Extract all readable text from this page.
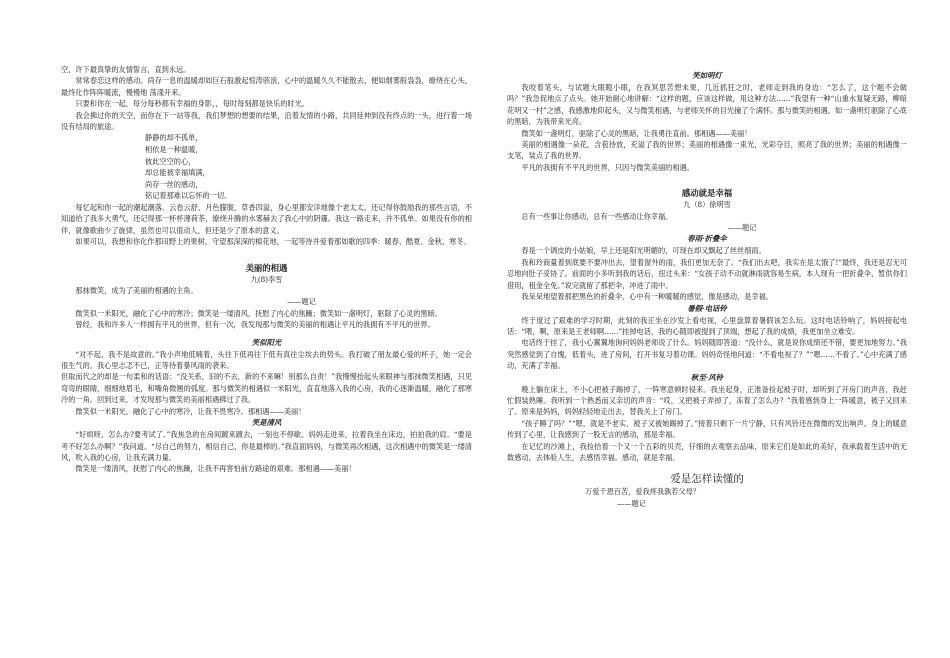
空，许下最真挚的友情誓言，直到永远。

常常春恋这样的感动。尚存一息的温暖却如巨石般激起惊涛骇浪，心中的温暖久久不能散去，便如烟雾般袅袅，缭绕在心头，最终化作阵阵暖流，慢慢地 荡漾开来。

只要和你在一起，每分每秒都有幸福的身影，，每时每刻都是快乐的时光。

我会拂过你的天空，而你在下一站等我，我们梦想的想要的结果，沿着友情的小路，共同延伸到没有终点的一头，进行着一场没有结局的旅途。

静静的却不孤单，
相依是一种温暖，
彼此空空的心，
却总能被幸福填满，
尚存一丝的感动，
铭记着那难以忘怀的一切。

每忆起和你一起的潮起潮落、云卷云舒、月色朦胧、草香四溢，身心里都安详地像个老太太。还记得你鼓励我的那些言语，不知道给了我多大勇气，还记得那一杯杯薄荷茶，缭绕升腾的水雾赫去了我心中的阴霾。我这一路走来，并不孤单。如果没有你的相伴，就像歌曲少了旋律，虽然也可以很动人，但还是少了原本的意义。

如果可以，我想和你化作那田野上的果树，守望那深深的棉花地，一起等待并爱着那如歌的四季：暖春、酷夏、金秋、寒冬。

美丽的相遇
九(8)李雪

那抹微笑，成为了美丽的相遇的主角。

——题记

微笑似一米阳光，融化了心中的寒冷；微笑是一缕清风，抚慰了内心的焦躁；微笑如一盏明灯，驱除了心灵的黑暗。

曾经，我和许多人一样拥有平凡的世界，但有一次，我发现那与微笑的美丽的相遇让平凡的我拥有不平凡的世界。

笑似阳光

“对不起，我不是故意的。”我小声地低喃着，头往下低再往下低有真往尘埃去的势头。我打破了朋友最心爱的杯子，她一定会很生气的。我心里忐忑不已，正等待着暴风雨的袭来。

但取而代之的却是一句柔和的话语：“没关系，旧的不去，新的不来嘛！别那么自责！”我慢慢抬起头来眼神与那抹微笑相遇，只见弯弯的眼睛，细细地眉毛，和嘴角微翘的弧度。那与微笑的相遇似一米阳光，直直地落入我的心房，我的心逐渐温暖，融化了那寒冷的一角。回到过来，才发现那与微笑的美丽相遇拂过了我。

微笑似一米阳光，融化了心中的寒冷，让我不畏寒冷。那相遇——美丽！

笑是清风

“好烦呀，怎么办?要考试了。”我焦急的在房间踱来踱去，一刻也不停歇。妈妈走进来，拉着我坐在床边，拍拍我的肩。“要是考不好怎么办啊？”我问道。“尽自己的努力，相信自己，你是最棒的。”我直面妈妈，与微笑再次相遇，这次相遇中的微笑是一缕清风，吹入我的心房，让我充满力量。

微笑是一缕清风，抚慰了内心的焦躁，让我不再害怕前方路途的艰难。那相遇——美丽！

笑如明灯

我咬着笔头，与试题大眼瞪小眼，在我冥思苦想未果，几近抓狂之时，老师走到我的身边：“怎么了，这个题不会做吗？”我急促地点了点头。她开始耐心地讲解：“这样的题，应该这样做，用这种方法……”我望有一种“山重水复疑无路，柳暗花明又一村”之感，我感激地仰起头，又与微笑相遇，与老师关怀的目光撞了个满怀。那与微笑的相遇，如一盏明灯驱除了心底的黑暗，为我带来光亮。

微笑如一盏明灯，驱除了心灵的黑暗，让我勇往直前。那相遇——美丽！

美丽的相遇像一朵花，含苞待放，充溢了我的世界；美丽的相遇像一束光，光彩夺目，照亮了我的世界；美丽的相遇像一支笔，装点了我的世界。

平凡的我拥有不平凡的世界，只因与微笑美丽的相遇。

感动就是幸福
九（8）徐明雪

总有一些事让你感动，总有一些感动让你幸福。

——题记
春雨·折叠伞

春是一个调皮的小姑娘，早上还是阳光明媚的，可现在却又飘起了丝丝细雨。

我和玲商量着到底要不要冲出去，望着窗外的雨，我们更加无奈了。“我们出去吧，我实在是太饿了!”最终，我还是忍无可忍地向肚子妥协了。前面的小多听到我的话后，扭过头来：“女孩子动不动就淋雨就容易生病，本人现有一把折叠伞，暂供你们借用，租金全免。”说完就留了那把伞，冲进了雨中。

我呆呆地望着那把黑色的折叠伞，心中有一种暖暖的感觉，像是感动，是幸福。

暑假·电话铃

终于度过了艰难的学习时期，此刻的我正坐在沙发上看电视，心里盘算着暑假该怎么玩。这时电话铃响了，妈妈接起电话：“喂，啊，原来是王老师啊……”挂掉电话，我的心随即被提到了顶端，想起了我的成绩，我更加坐立难安。

电话终于挂了，我小心翼翼地询问妈妈老师说了什么。妈妈随即答道：“没什么，就是说你成绩还不错，要更加地努力。”我突然感觉到了自愧，低着头，进了房间，打开书复习着功课。妈妈奇怪地问道：“不看电视了？”“嗯……不看了。”心中充满了感动，充满了幸福。

秋至·风铃

晚上躺在床上，不小心把被子踢掉了，一阵寒意顿时侵来。我坐起身，正准备捡起被子时，却听到了开房门的声音，我赶忙假装熟睡。我听到一个熟悉而又亲切的声音：“哎，又把被子弄掉了，冻着了怎么办？”我着感到身上一阵暖意，被子又回来了。原来是妈妈，妈妈轻轻地走出去，替我关上了房门。

“孩子睡了吗？”“嗯，就是不老实，被子又被她踢掉了。”接着只剩下一片宁静，只有风铃还在微微的发出响声。身上的暖意传到了心里，让我感到了一股无言的感动，那是幸福。

在记忆的沙滩上，我捡拾着一个又一个五彩的贝壳，仔细的去观察去品味，原来它们是如此的美好，我承载着生活中的无数感动，去体验人生，去感悟幸福。感动，就是幸福。

爱是怎样读懂的

万爱千恩百苦，爱我疼我孰若父母？

——题记
